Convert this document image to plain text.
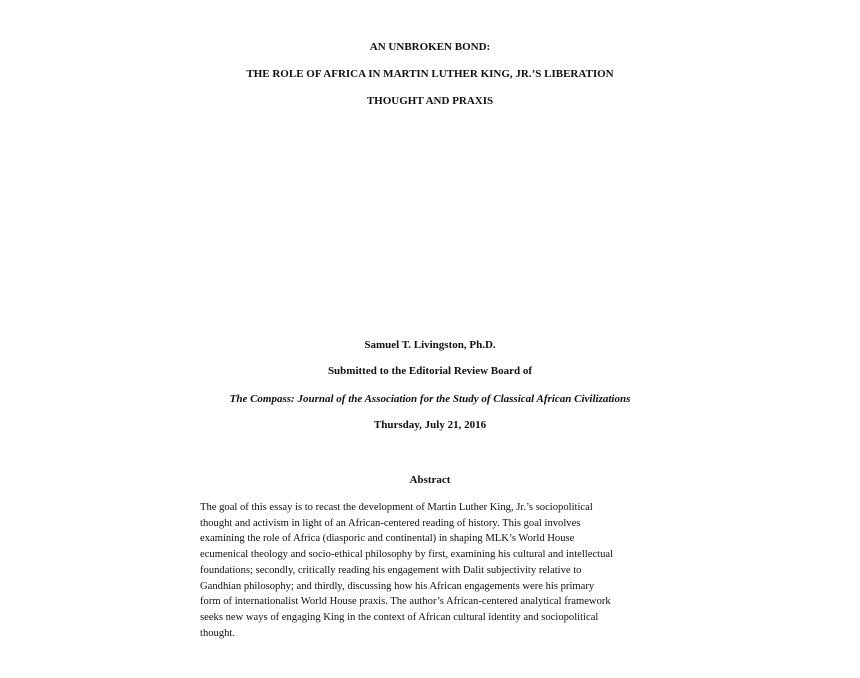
AN UNBROKEN BOND:
THE ROLE OF AFRICA IN MARTIN LUTHER KING, JR.’S LIBERATION
THOUGHT AND PRAXIS
Samuel T. Livingston, Ph.D.
Submitted to the Editorial Review Board of
The Compass: Journal of the Association for the Study of Classical African Civilizations
Thursday, July 21, 2016
Abstract
The goal of this essay is to recast the development of Martin Luther King, Jr.’s sociopolitical
thought and activism in light of an African-centered reading of history. This goal involves
examining the role of Africa (diasporic and continental) in shaping MLK’s World House
ecumenical theology and socio-ethical philosophy by first, examining his cultural and intellectual
foundations; secondly, critically reading his engagement with Dalit subjectivity relative to
Gandhian philosophy; and thirdly, discussing how his African engagements were his primary
form of internationalist World House praxis. The author’s African-centered analytical framework
seeks new ways of engaging King in the context of African cultural identity and sociopolitical
thought.
